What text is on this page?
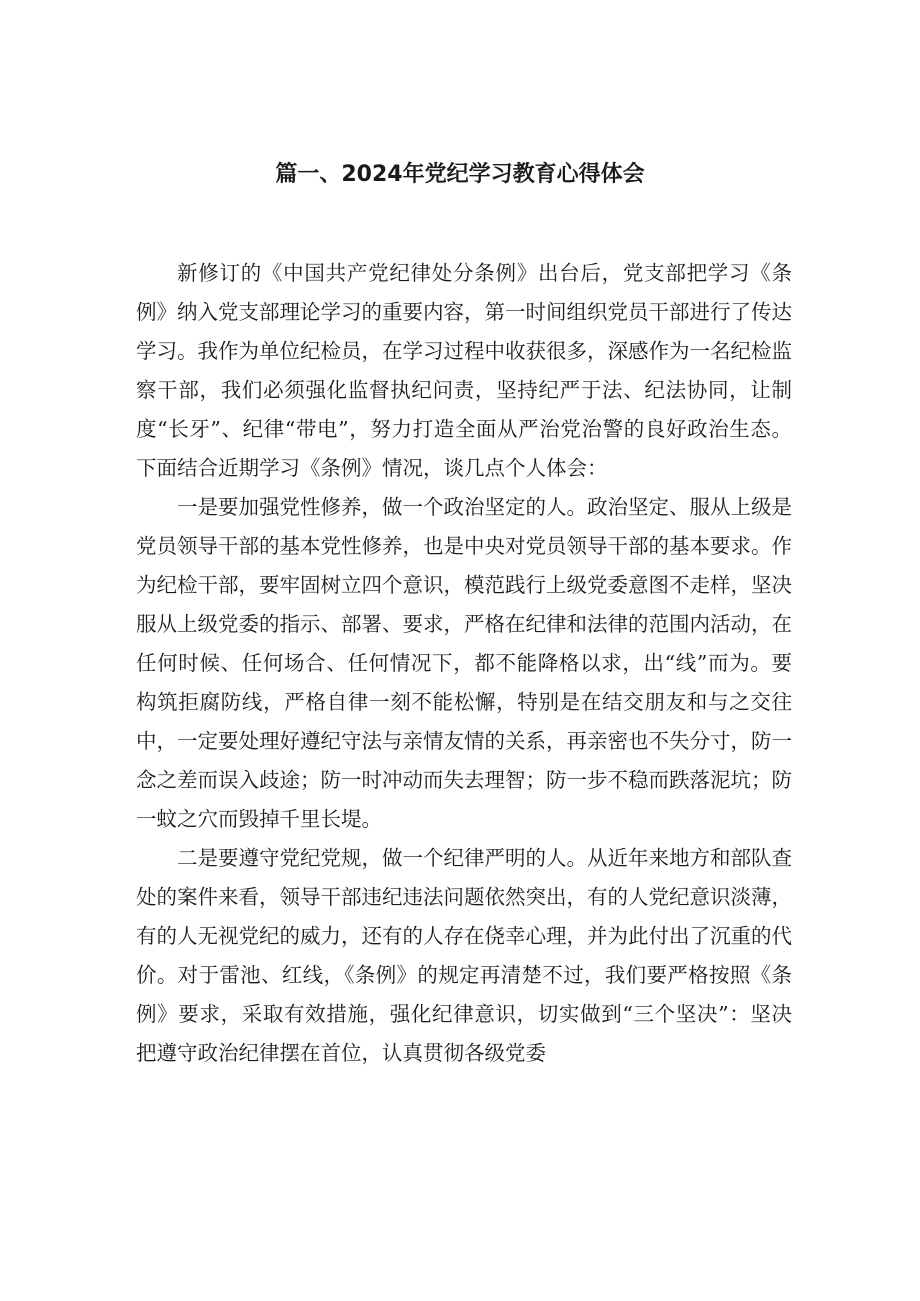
篇一、2024年党纪学习教育心得体会

新修订的《中国共产党纪律处分条例》出台后，党支部把学习《条例》纳入党支部理论学习的重要内容，第一时间组织党员干部进行了传达学习。我作为单位纪检员，在学习过程中收获很多，深感作为一名纪检监察干部，我们必须强化监督执纪问责，坚持纪严于法、纪法协同，让制度“长牙”、纪律“带电”，努力打造全面从严治党治警的良好政治生态。下面结合近期学习《条例》情况，谈几点个人体会：

一是要加强党性修养，做一个政治坚定的人。政治坚定、服从上级是党员领导干部的基本党性修养，也是中央对党员领导干部的基本要求。作为纪检干部，要牢固树立四个意识，模范践行上级党委意图不走样，坚决服从上级党委的指示、部署、要求，严格在纪律和法律的范围内活动，在任何时候、任何场合、任何情况下，都不能降格以求，出“线”而为。要构筑拒腐防线，严格自律一刻不能松懈，特别是在结交朋友和与之交往中，一定要处理好遵纪守法与亲情友情的关系，再亲密也不失分寸，防一念之差而误入歧途；防一时冲动而失去理智；防一步不稳而跌落泥坑；防一蚊之穴而毁掉千里长堤。

二是要遵守党纪党规，做一个纪律严明的人。从近年来地方和部队查处的案件来看，领导干部违纪违法问题依然突出，有的人党纪意识淡薄，有的人无视党纪的威力，还有的人存在侥幸心理，并为此付出了沉重的代价。对于雷池、红线，《条例》的规定再清楚不过，我们要严格按照《条例》要求，采取有效措施，强化纪律意识，切实做到“三个坚决”：坚决把遵守政治纪律摆在首位，认真贯彻各级党委
